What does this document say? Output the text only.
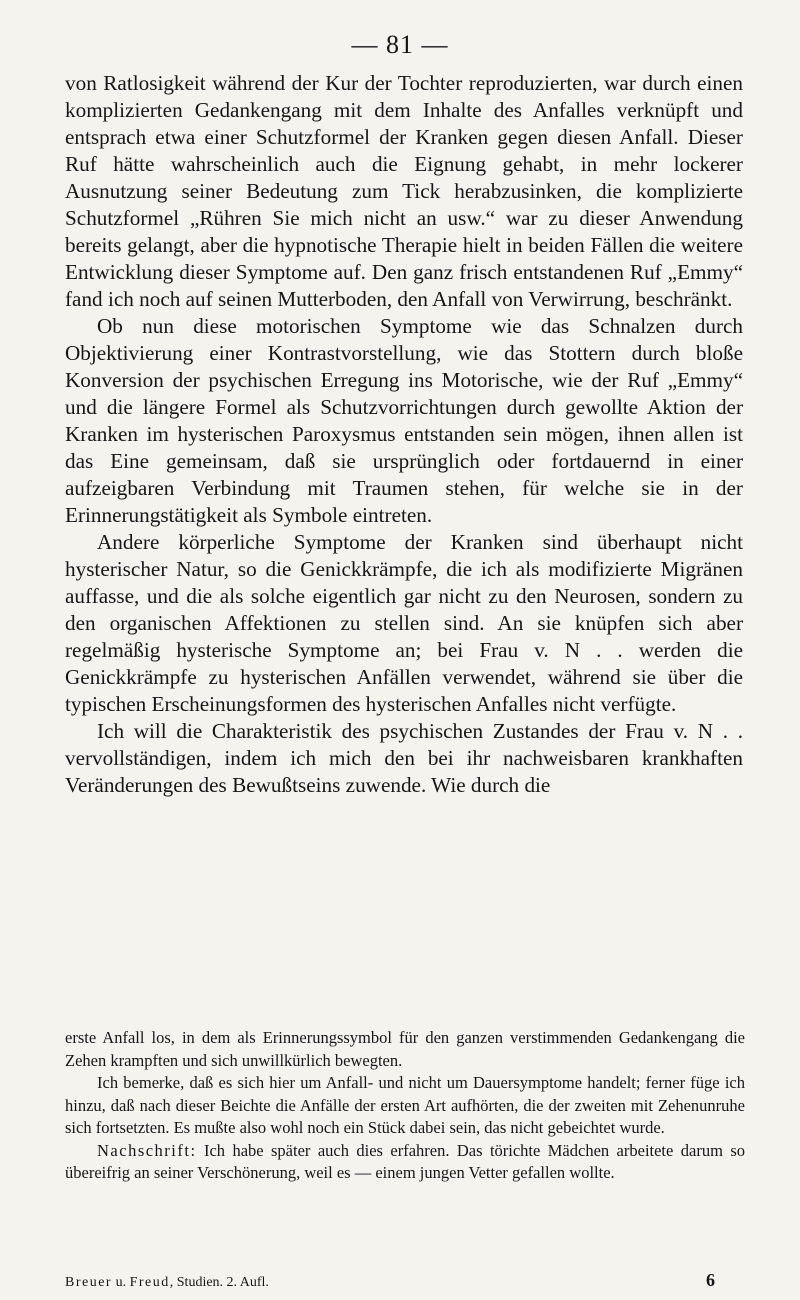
— 81 —

von Ratlosigkeit während der Kur der Tochter reproduzierten, war durch einen komplizierten Gedankengang mit dem Inhalte des Anfalles verknüpft und entsprach etwa einer Schutzformel der Kranken gegen diesen Anfall. Dieser Ruf hätte wahrscheinlich auch die Eignung gehabt, in mehr lockerer Ausnutzung seiner Bedeutung zum Tick herabzusinken, die komplizierte Schutzformel „Rühren Sie mich nicht an usw.“ war zu dieser Anwendung bereits gelangt, aber die hypnotische Therapie hielt in beiden Fällen die weitere Entwicklung dieser Symptome auf. Den ganz frisch entstandenen Ruf „Emmy“ fand ich noch auf seinen Mutterboden, den Anfall von Verwirrung, beschränkt.

Ob nun diese motorischen Symptome wie das Schnalzen durch Objektivierung einer Kontrastvorstellung, wie das Stottern durch bloße Konversion der psychischen Erregung ins Motorische, wie der Ruf „Emmy“ und die längere Formel als Schutzvorrichtungen durch gewollte Aktion der Kranken im hysterischen Paroxysmus entstanden sein mögen, ihnen allen ist das Eine gemeinsam, daß sie ursprünglich oder fortdauernd in einer aufzeigbaren Verbindung mit Traumen stehen, für welche sie in der Erinnerungstätigkeit als Symbole eintreten.

Andere körperliche Symptome der Kranken sind überhaupt nicht hysterischer Natur, so die Genickkrämpfe, die ich als modifizierte Migränen auffasse, und die als solche eigentlich gar nicht zu den Neurosen, sondern zu den organischen Affektionen zu stellen sind. An sie knüpfen sich aber regelmäßig hysterische Symptome an; bei Frau v. N . . werden die Genickkrämpfe zu hysterischen Anfällen verwendet, während sie über die typischen Erscheinungsformen des hysterischen Anfalles nicht verfügte.

Ich will die Charakteristik des psychischen Zustandes der Frau v. N . . vervollständigen, indem ich mich den bei ihr nachweisbaren krankhaften Veränderungen des Bewußtseins zuwende. Wie durch die

erste Anfall los, in dem als Erinnerungssymbol für den ganzen verstimmenden Gedankengang die Zehen krampften und sich unwillkürlich bewegten.

Ich bemerke, daß es sich hier um Anfall- und nicht um Dauersymptome handelt; ferner füge ich hinzu, daß nach dieser Beichte die Anfälle der ersten Art aufhörten, die der zweiten mit Zehenunruhe sich fortsetzten. Es mußte also wohl noch ein Stück dabei sein, das nicht gebeichtet wurde.

Nachschrift: Ich habe später auch dies erfahren. Das törichte Mädchen arbeitete darum so übereifrig an seiner Verschönerung, weil es — einem jungen Vetter gefallen wollte.

Breuer u. Freud, Studien. 2. Aufl.	6
